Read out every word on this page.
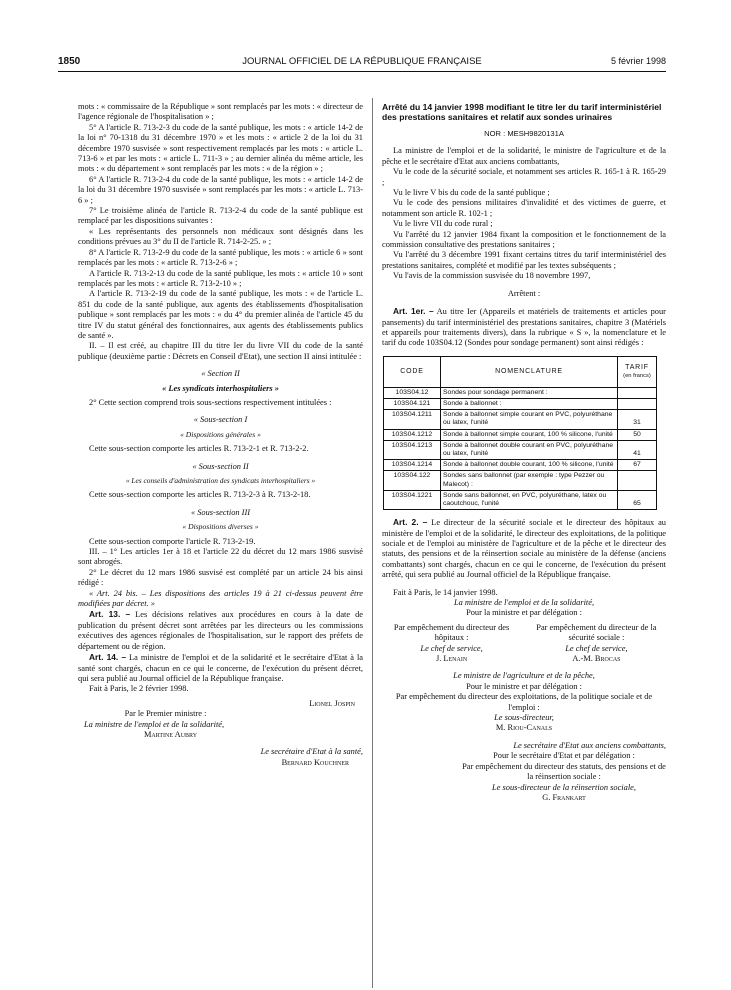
1850	JOURNAL OFFICIEL DE LA RÉPUBLIQUE FRANÇAISE	5 février 1998

mots : « commissaire de la République » sont remplacés par les mots : « directeur de l'agence régionale de l'hospitalisation » ;

5° A l'article R. 713-2-3 du code de la santé publique, les mots : « article 14-2 de la loi n° 70-1318 du 31 décembre 1970 » et les mots : « article 2 de la loi du 31 décembre 1970 susvisée » sont respectivement remplacés par les mots : « article L. 713-6 » et par les mots : « article L. 711-3 » ; au dernier alinéa du même article, les mots : « du département » sont remplacés par les mots : « de la région » ;

6° A l'article R. 713-2-4 du code de la santé publique, les mots : « article 14-2 de la loi du 31 décembre 1970 susvisée » sont remplacés par les mots : « article L. 713-6 » ;

7° Le troisième alinéa de l'article R. 713-2-4 du code de la santé publique est remplacé par les dispositions suivantes :

« Les représentants des personnels non médicaux sont désignés dans les conditions prévues au 3° du II de l'article R. 714-2-25. » ;

8° A l'article R. 713-2-9 du code de la santé publique, les mots : « article 6 » sont remplacés par les mots : « article R. 713-2-6 » ;

A l'article R. 713-2-13 du code de la santé publique, les mots : « article 10 » sont remplacés par les mots : « article R. 713-2-10 » ;

A l'article R. 713-2-19 du code de la santé publique, les mots : « de l'article L. 851 du code de la santé publique, aux agents des établissements d'hospitalisation publique » sont remplacés par les mots : « du 4° du premier alinéa de l'article 45 du titre IV du statut général des fonctionnaires, aux agents des établissements publics de santé ».

II. – Il est créé, au chapitre III du titre Ier du livre VII du code de la santé publique (deuxième partie : Décrets en Conseil d'Etat), une section II ainsi intitulée :

« Section II

« Les syndicats interhospitaliers »

2° Cette section comprend trois sous-sections respectivement intitulées :

« Sous-section I

« Dispositions générales »

Cette sous-section comporte les articles R. 713-2-1 et R. 713-2-2.

« Sous-section II

« Les conseils d'administration des syndicats interhospitaliers »

Cette sous-section comporte les articles R. 713-2-3 à R. 713-2-18.

« Sous-section III

« Dispositions diverses »

Cette sous-section comporte l'article R. 713-2-19.

III. – 1° Les articles 1er à 18 et l'article 22 du décret du 12 mars 1986 susvisé sont abrogés.

2° Le décret du 12 mars 1986 susvisé est complété par un article 24 bis ainsi rédigé :

« Art. 24 bis. – Les dispositions des articles 19 à 21 ci-dessus peuvent être modifiées par décret. »

Art. 13. – Les décisions relatives aux procédures en cours à la date de publication du présent décret sont arrêtées par les directeurs ou les commissions exécutives des agences régionales de l'hospitalisation, sur le rapport des préfets de département ou de région.

Art. 14. – La ministre de l'emploi et de la solidarité et le secrétaire d'Etat à la santé sont chargés, chacun en ce qui le concerne, de l'exécution du présent décret, qui sera publié au Journal officiel de la République française.

Fait à Paris, le 2 février 1998.

Lionel Jospin

Par le Premier ministre :

La ministre de l'emploi et de la solidarité,

Martine Aubry

Le secrétaire d'Etat à la santé,

Bernard Kouchner

Arrêté du 14 janvier 1998 modifiant le titre Ier du tarif interministériel des prestations sanitaires et relatif aux sondes urinaires

NOR : MESH9820131A

La ministre de l'emploi et de la solidarité, le ministre de l'agriculture et de la pêche et le secrétaire d'Etat aux anciens combattants,

Vu le code de la sécurité sociale, et notamment ses articles R. 165-1 à R. 165-29 ;

Vu le livre V bis du code de la santé publique ;

Vu le code des pensions militaires d'invalidité et des victimes de guerre, et notamment son article R. 102-1 ;

Vu le livre VII du code rural ;

Vu l'arrêté du 12 janvier 1984 fixant la composition et le fonctionnement de la commission consultative des prestations sanitaires ;

Vu l'arrêté du 3 décembre 1991 fixant certains titres du tarif interministériel des prestations sanitaires, complété et modifié par les textes subséquents ;

Vu l'avis de la commission susvisée du 18 novembre 1997,

Arrêtent :

Art. 1er. – Au titre Ier (Appareils et matériels de traitements et articles pour pansements) du tarif interministériel des prestations sanitaires, chapitre 3 (Matériels et appareils pour traitements divers), dans la rubrique « S », la nomenclature et le tarif du code 103S04.12 (Sondes pour sondage permanent) sont ainsi rédigés :

CODE	NOMENCLATURE	TARIF
(en francs)
103S04.12	Sondes pour sondage permanent :	
103S04.121	Sonde à ballonnet :	
103S04.1211	Sonde à ballonnet simple courant en PVC, polyuréthane ou latex, l'unité	31
103S04.1212	Sonde à ballonnet simple courant, 100 % silicone, l'unité	50
103S04.1213	Sonde à ballonnet double courant en PVC, polyuréthane ou latex, l'unité	41
103S04.1214	Sonde à ballonnet double courant, 100 % silicone, l'unité	67
103S04.122	Sondes sans ballonnet (par exemple : type Pezzer ou Malecot) :	
103S04.1221	Sonde sans ballonnet, en PVC, polyuréthane, latex ou caoutchouc, l'unité	65

Art. 2. – Le directeur de la sécurité sociale et le directeur des hôpitaux au ministère de l'emploi et de la solidarité, le directeur des exploitations, de la politique sociale et de l'emploi au ministère de l'agriculture et de la pêche et le directeur des statuts, des pensions et de la réinsertion sociale au ministère de la défense (anciens combattants) sont chargés, chacun en ce qui le concerne, de l'exécution du présent arrêté, qui sera publié au Journal officiel de la République française.

Fait à Paris, le 14 janvier 1998.

La ministre de l'emploi et de la solidarité,

Pour la ministre et par délégation :

Par empêchement du directeur des hôpitaux :

Le chef de service,

J. Lenain

Par empêchement du directeur de la sécurité sociale :

Le chef de service,

A.-M. Brocas

Le ministre de l'agriculture et de la pêche,

Pour le ministre et par délégation :

Par empêchement du directeur des exploitations, de la politique sociale et de l'emploi :

Le sous-directeur,

M. Riou-Canals

Le secrétaire d'Etat aux anciens combattants,

Pour le secrétaire d'Etat et par délégation :

Par empêchement du directeur des statuts, des pensions et de la réinsertion sociale :

Le sous-directeur de la réinsertion sociale,

G. Frankart
